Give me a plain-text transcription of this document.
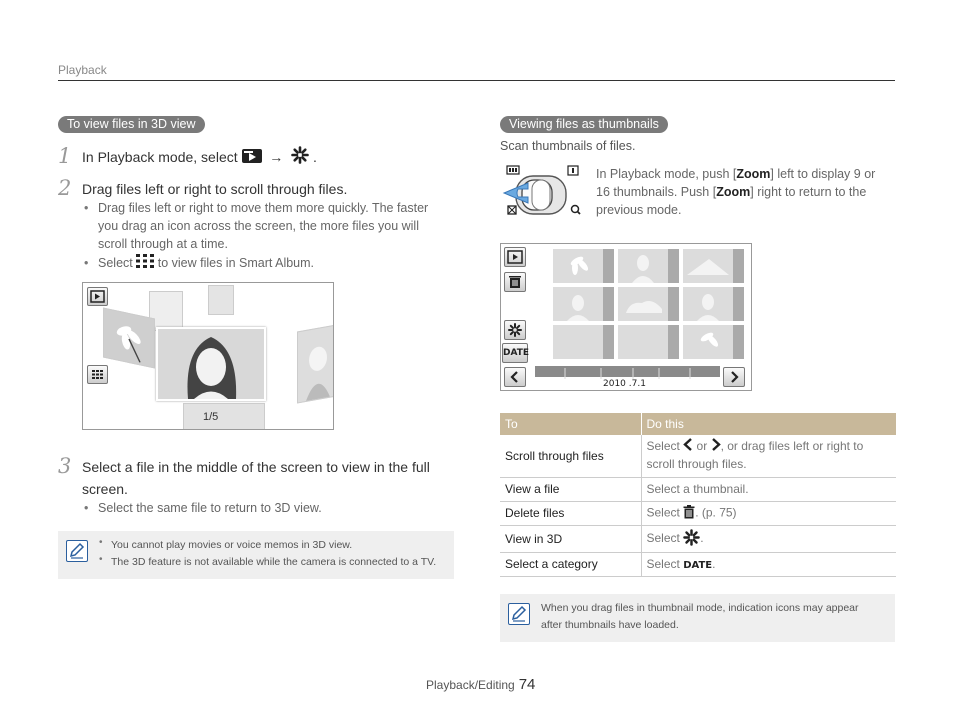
Playback
To view files in 3D view
1 In Playback mode, select   →   .
2 Drag files left or right to scroll through files.
• Drag files left or right to move them more quickly. The faster you drag an icon across the screen, the more files you will scroll through at a time.
• Select to view files in Smart Album.
1/5
3 Select a file in the middle of the screen to view in the full screen.
• Select the same file to return to 3D view.
You cannot play movies or voice memos in 3D view.
The 3D feature is not available while the camera is connected to a TV.
•
•
Viewing files as thumbnails
Scan thumbnails of files.
In Playback mode, push [Zoom] left to display 9 or 16 thumbnails. Push [Zoom] right to return to the previous mode.
DATE
2010 .7.1
To	Do this
Scroll through files	Select or , or drag files left or right to scroll through files.
View a file	Select a thumbnail.
Delete files	Select . (p. 75)
View in 3D	Select .
Select a category	Select DATE.
When you drag files in thumbnail mode, indication icons may appear after thumbnails have loaded.
Playback/Editing 74
